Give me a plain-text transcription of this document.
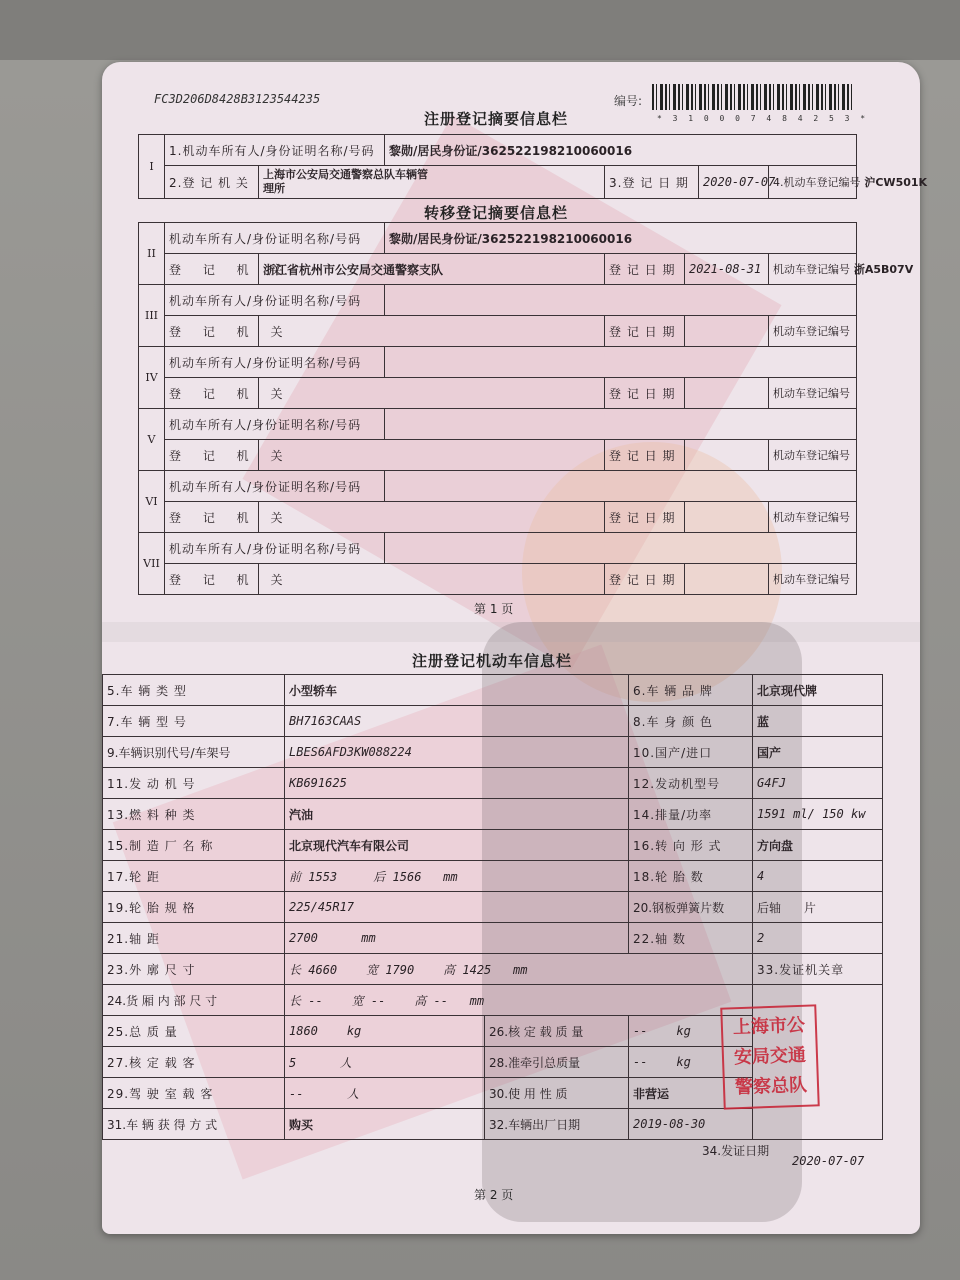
FC3D206D8428B3123544235	编号:
* 3 1 0 0 0 7 4 8 4 2 5 3 *
注册登记摘要信息栏
I	1.机动车所有人/身份证明名称/号码		黎勋/居民身份证/362522198210060016			
	2.登 记 机 关	上海市公安局交通警察总队车辆管
理所		3.登 记 日 期	2020-07-07	4.机动车登记编号 沪CW501K
转移登记摘要信息栏
II	机动车所有人/身份证明名称/号码		黎勋/居民身份证/362522198210060016			
	登 记 机 关	浙江省杭州市公安局交通警察支队		登 记 日 期	2021-08-31	机动车登记编号 浙A5B07V
III	机动车所有人/身份证明名称/号码					
	登 记 机 关			登 记 日 期		机动车登记编号
IV	机动车所有人/身份证明名称/号码					
	登 记 机 关			登 记 日 期		机动车登记编号
V	机动车所有人/身份证明名称/号码					
	登 记 机 关			登 记 日 期		机动车登记编号
VI	机动车所有人/身份证明名称/号码					
	登 记 机 关			登 记 日 期		机动车登记编号
VII	机动车所有人/身份证明名称/号码					
	登 记 机 关			登 记 日 期		机动车登记编号
第 1 页
注册登记机动车信息栏
5.车 辆 类 型	小型轿车		6.车 辆 品 牌	北京现代牌
7.车 辆 型 号	BH7163CAAS		8.车 身 颜 色	蓝
9.车辆识别代号/车架号	LBES6AFD3KW088224		10.国产/进口	国产
11.发 动 机 号	KB691625		12.发动机型号	G4FJ
13.燃 料 种 类	汽油		14.排量/功率	1591 ml/ 150 kw
15.制 造 厂 名 称	北京现代汽车有限公司		16.转 向 形 式	方向盘
17.轮 距	前 1553 后 1566 mm		18.轮 胎 数	4
19.轮 胎 规 格	225/45R17		20.钢板弹簧片数	后轴 片
21.轴 距	2700 mm		22.轴 数	2
23.外 廓 尺 寸	长 4660 宽 1790 高 1425 mm			33.发证机关章
24.货 厢 内 部 尺 寸	长 -- 宽 -- 高 -- mm			
25.总 质 量	1860 kg	26.核 定 载 质 量	-- kg	
27.核 定 载 客	5 人	28.准牵引总质量	-- kg	
29.驾 驶 室 载 客	-- 人	30.使 用 性 质	非营运	
31.车 辆 获 得 方 式	购买	32.车辆出厂日期	2019-08-30	
上海市公
安局交通
警察总队
34.发证日期
2020-07-07
第 2 页
